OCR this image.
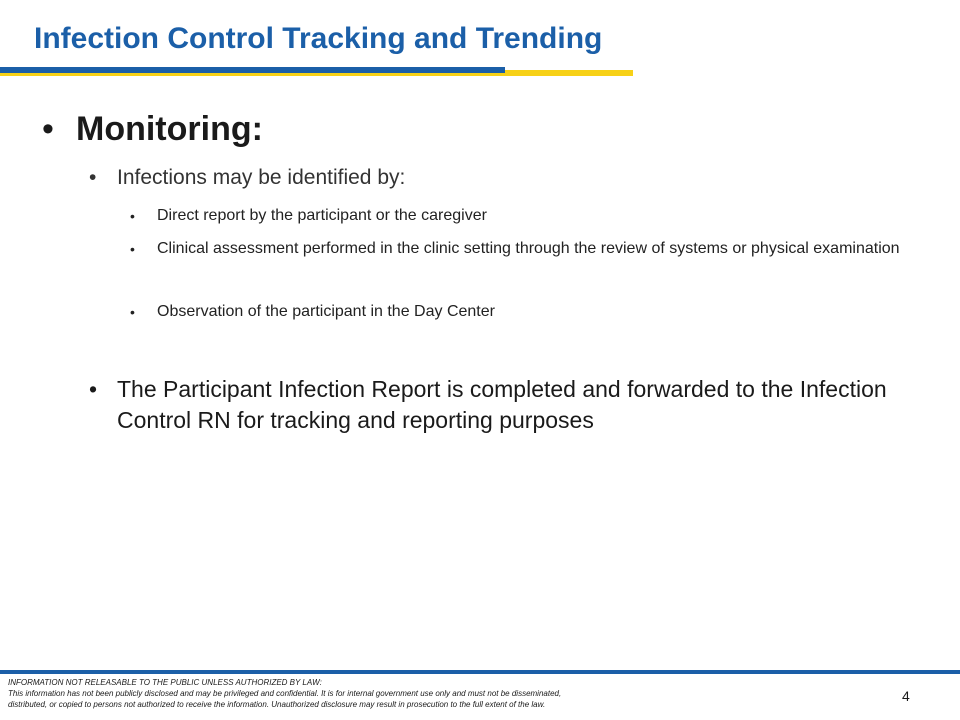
Infection Control Tracking and Trending
• Monitoring:
• Infections may be identified by:
• Direct report by the participant or the caregiver
• Clinical assessment performed in the clinic setting through the review of systems or physical examination
• Observation of the participant in the Day Center
• The Participant Infection Report is completed and forwarded to the Infection Control RN for tracking and reporting purposes
INFORMATION NOT RELEASABLE TO THE PUBLIC UNLESS AUTHORIZED BY LAW:
This information has not been publicly disclosed and may be privileged and confidential. It is for internal government use only and must not be disseminated,
distributed, or copied to persons not authorized to receive the information. Unauthorized disclosure may result in prosecution to the full extent of the law.
4
